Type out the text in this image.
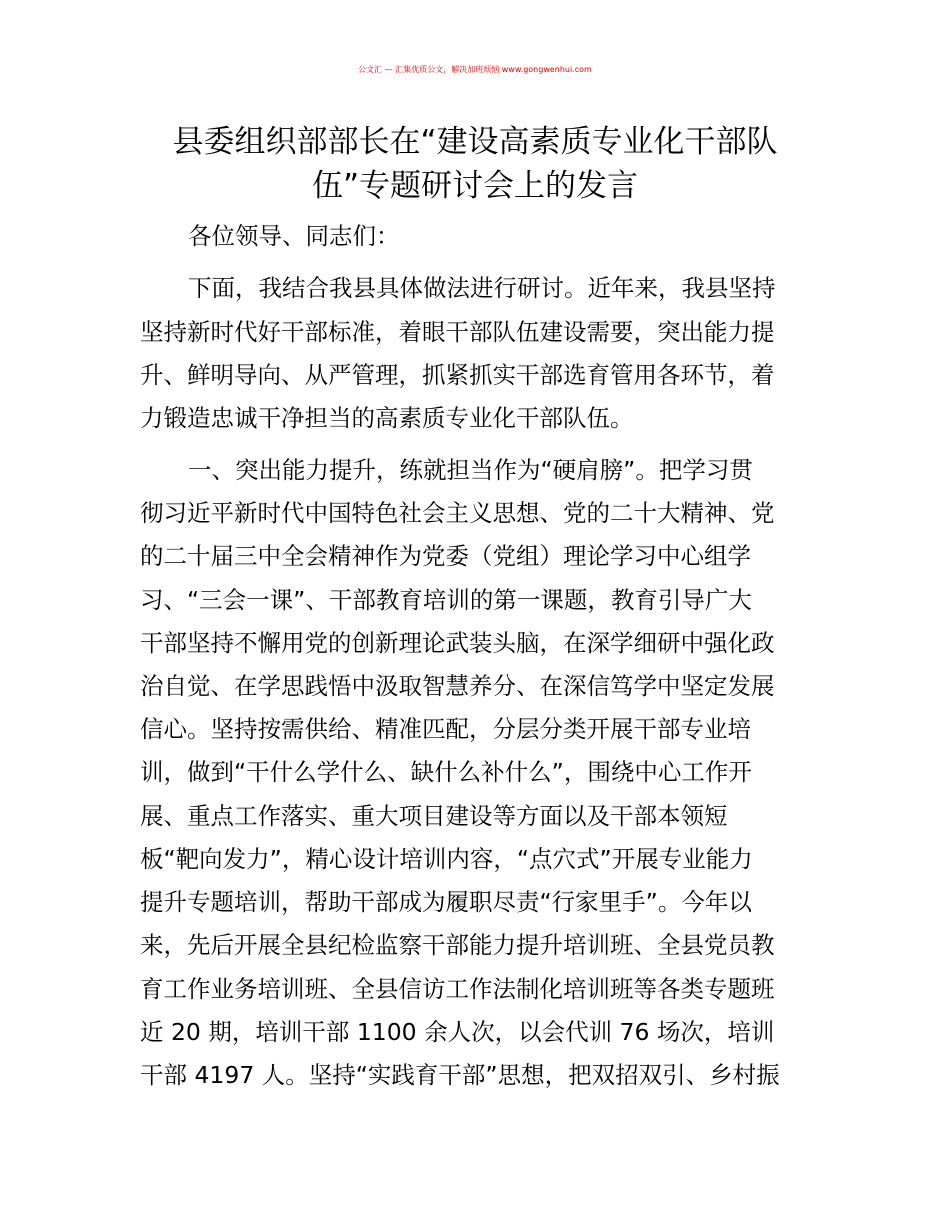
公文汇 — 汇集优质公文，解决加班烦恼 www.gongwenhui.com
县委组织部部长在“建设高素质专业化干部队
伍”专题研讨会上的发言
各位领导、同志们：
下面，我结合我县具体做法进行研讨。近年来，我县坚持
坚持新时代好干部标准，着眼干部队伍建设需要，突出能力提
升、鲜明导向、从严管理，抓紧抓实干部选育管用各环节，着
力锻造忠诚干净担当的高素质专业化干部队伍。
一、突出能力提升，练就担当作为“硬肩膀”。把学习贯
彻习近平新时代中国特色社会主义思想、党的二十大精神、党
的二十届三中全会精神作为党委（党组）理论学习中心组学
习、“三会一课”、干部教育培训的第一课题，教育引导广大
干部坚持不懈用党的创新理论武装头脑，在深学细研中强化政
治自觉、在学思践悟中汲取智慧养分、在深信笃学中坚定发展
信心。坚持按需供给、精准匹配，分层分类开展干部专业培
训，做到“干什么学什么、缺什么补什么”，围绕中心工作开
展、重点工作落实、重大项目建设等方面以及干部本领短
板“靶向发力”，精心设计培训内容，“点穴式”开展专业能力
提升专题培训，帮助干部成为履职尽责“行家里手”。今年以
来，先后开展全县纪检监察干部能力提升培训班、全县党员教
育工作业务培训班、全县信访工作法制化培训班等各类专题班
近 20 期，培训干部 1100 余人次，以会代训 76 场次，培训
干部 4197 人。坚持“实践育干部”思想，把双招双引、乡村振
